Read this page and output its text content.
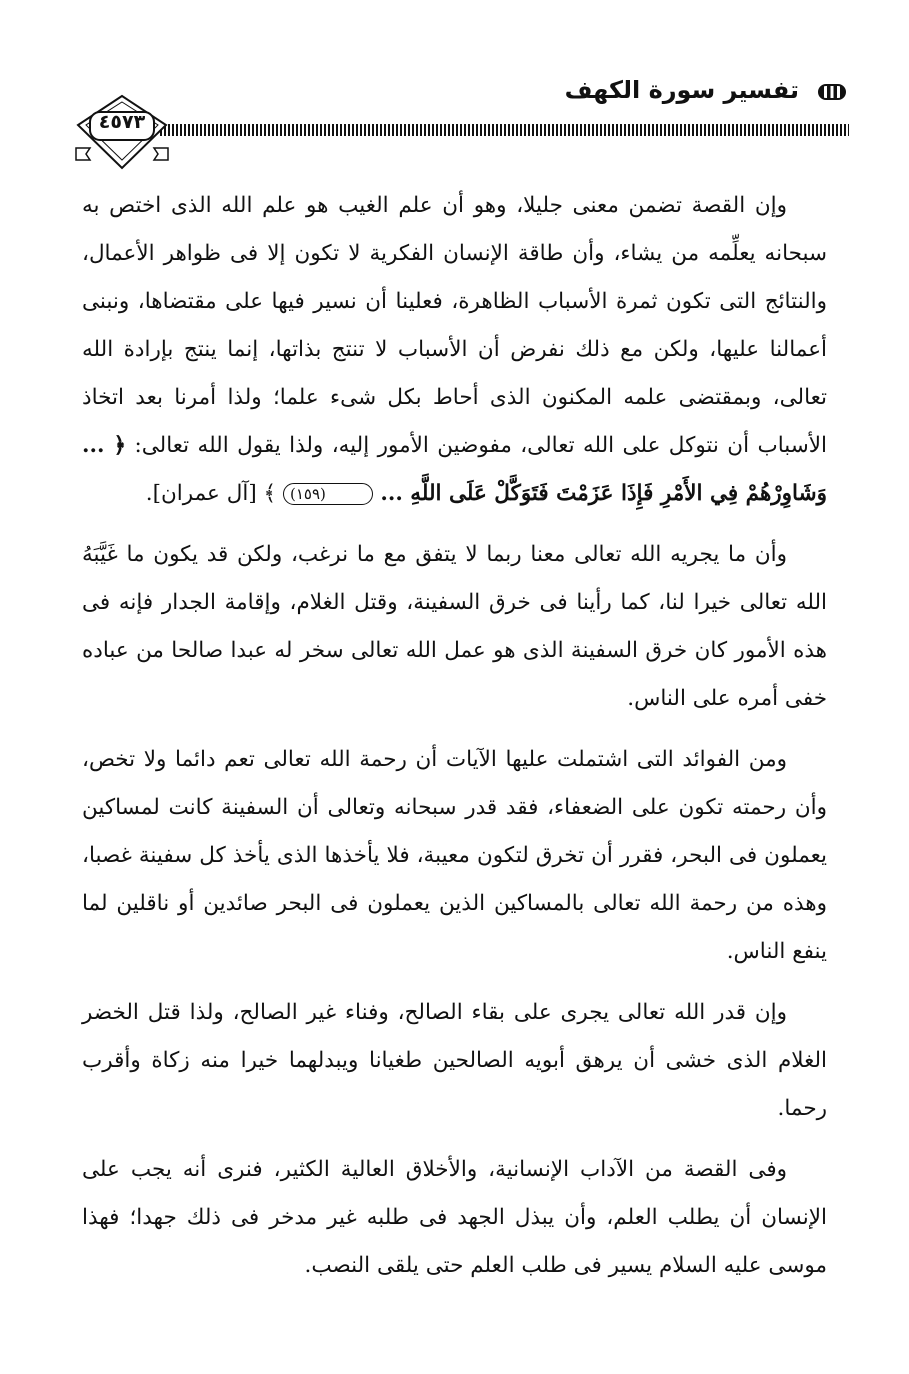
تفسير سورة الكهف
٤٥٧٣

وإن القصة تضمن معنى جليلا، وهو أن علم الغيب هو علم الله الذى اختص به سبحانه يعلِّمه من يشاء، وأن طاقة الإنسان الفكرية لا تكون إلا فى ظواهر الأعمال، والنتائج التى تكون ثمرة الأسباب الظاهرة، فعلينا أن نسير فيها على مقتضاها، ونبنى أعمالنا عليها، ولكن مع ذلك نفرض أن الأسباب لا تنتج بذاتها، إنما ينتج بإرادة الله تعالى، وبمقتضى علمه المكنون الذى أحاط بكل شىء علما؛ ولذا أمرنا بعد اتخاذ الأسباب أن نتوكل على الله تعالى، مفوضين الأمور إليه، ولذا يقول الله تعالى: ﴿ ... وَشَاوِرْهُمْ فِي الأَمْرِ فَإِذَا عَزَمْتَ فَتَوَكَّلْ عَلَى اللَّهِ ... (١٥٩) ﴾ [آل عمران].

وأن ما يجريه الله تعالى معنا ربما لا يتفق مع ما نرغب، ولكن قد يكون ما غَيَّبَهُ الله تعالى خيرا لنا، كما رأينا فى خرق السفينة، وقتل الغلام، وإقامة الجدار فإنه فى هذه الأمور كان خرق السفينة الذى هو عمل الله تعالى سخر له عبدا صالحا من عباده خفى أمره على الناس.

ومن الفوائد التى اشتملت عليها الآيات أن رحمة الله تعالى تعم دائما ولا تخص، وأن رحمته تكون على الضعفاء، فقد قدر سبحانه وتعالى أن السفينة كانت لمساكين يعملون فى البحر، فقرر أن تخرق لتكون معيبة، فلا يأخذها الذى يأخذ كل سفينة غصبا، وهذه من رحمة الله تعالى بالمساكين الذين يعملون فى البحر صائدين أو ناقلين لما ينفع الناس.

وإن قدر الله تعالى يجرى على بقاء الصالح، وفناء غير الصالح، ولذا قتل الخضر الغلام الذى خشى أن يرهق أبويه الصالحين طغيانا ويبدلهما خيرا منه زكاة وأقرب رحما.

وفى القصة من الآداب الإنسانية، والأخلاق العالية الكثير، فنرى أنه يجب على الإنسان أن يطلب العلم، وأن يبذل الجهد فى طلبه غير مدخر فى ذلك جهدا؛ فهذا موسى عليه السلام يسير فى طلب العلم حتى يلقى النصب.
